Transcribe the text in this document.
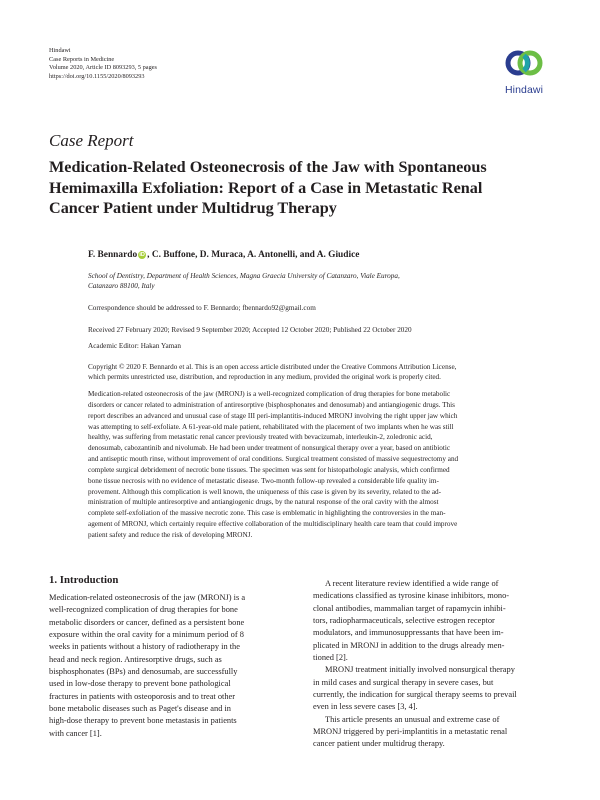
Hindawi
Case Reports in Medicine
Volume 2020, Article ID 8093293, 5 pages
https://doi.org/10.1155/2020/8093293
Hindawi
Case Report
Medication-Related Osteonecrosis of the Jaw with Spontaneous
Hemimaxilla Exfoliation: Report of a Case in Metastatic Renal
Cancer Patient under Multidrug Therapy
F. Bennardo iD , C. Buffone, D. Muraca, A. Antonelli, and A. Giudice
School of Dentistry, Department of Health Sciences, Magna Graecia University of Catanzaro, Viale Europa,
Catanzaro 88100, Italy
Correspondence should be addressed to F. Bennardo; fbennardo92@gmail.com
Received 27 February 2020; Revised 9 September 2020; Accepted 12 October 2020; Published 22 October 2020
Academic Editor: Hakan Yaman
Copyright © 2020 F. Bennardo et al. This is an open access article distributed under the Creative Commons Attribution License,
which permits unrestricted use, distribution, and reproduction in any medium, provided the original work is properly cited.
Medication-related osteonecrosis of the jaw (MRONJ) is a well-recognized complication of drug therapies for bone metabolic
disorders or cancer related to administration of antiresorptive (bisphosphonates and denosumab) and antiangiogenic drugs. This
report describes an advanced and unusual case of stage III peri-implantitis-induced MRONJ involving the right upper jaw which
was attempting to self-exfoliate. A 61-year-old male patient, rehabilitated with the placement of two implants when he was still
healthy, was suffering from metastatic renal cancer previously treated with bevacizumab, interleukin-2, zoledronic acid,
denosumab, cabozantinib and nivolumab. He had been under treatment of nonsurgical therapy over a year, based on antibiotic
and antiseptic mouth rinse, without improvement of oral conditions. Surgical treatment consisted of massive sequestrectomy and
complete surgical debridement of necrotic bone tissues. The specimen was sent for histopathologic analysis, which confirmed
bone tissue necrosis with no evidence of metastatic disease. Two-month follow-up revealed a considerable life quality im-
provement. Although this complication is well known, the uniqueness of this case is given by its severity, related to the ad-
ministration of multiple antiresorptive and antiangiogenic drugs, by the natural response of the oral cavity with the almost
complete self-exfoliation of the massive necrotic zone. This case is emblematic in highlighting the controversies in the man-
agement of MRONJ, which certainly require effective collaboration of the multidisciplinary health care team that could improve
patient safety and reduce the risk of developing MRONJ.
1. Introduction
Medication-related osteonecrosis of the jaw (MRONJ) is a
well-recognized complication of drug therapies for bone
metabolic disorders or cancer, defined as a persistent bone
exposure within the oral cavity for a minimum period of 8
weeks in patients without a history of radiotherapy in the
head and neck region. Antiresorptive drugs, such as
bisphosphonates (BPs) and denosumab, are successfully
used in low-dose therapy to prevent bone pathological
fractures in patients with osteoporosis and to treat other
bone metabolic diseases such as Paget's disease and in
high-dose therapy to prevent bone metastasis in patients
with cancer [1].
A recent literature review identified a wide range of
medications classified as tyrosine kinase inhibitors, mono-
clonal antibodies, mammalian target of rapamycin inhibi-
tors, radiopharmaceuticals, selective estrogen receptor
modulators, and immunosuppressants that have been im-
plicated in MRONJ in addition to the drugs already men-
tioned [2].
MRONJ treatment initially involved nonsurgical therapy
in mild cases and surgical therapy in severe cases, but
currently, the indication for surgical therapy seems to prevail
even in less severe cases [3, 4].
This article presents an unusual and extreme case of
MRONJ triggered by peri-implantitis in a metastatic renal
cancer patient under multidrug therapy.
